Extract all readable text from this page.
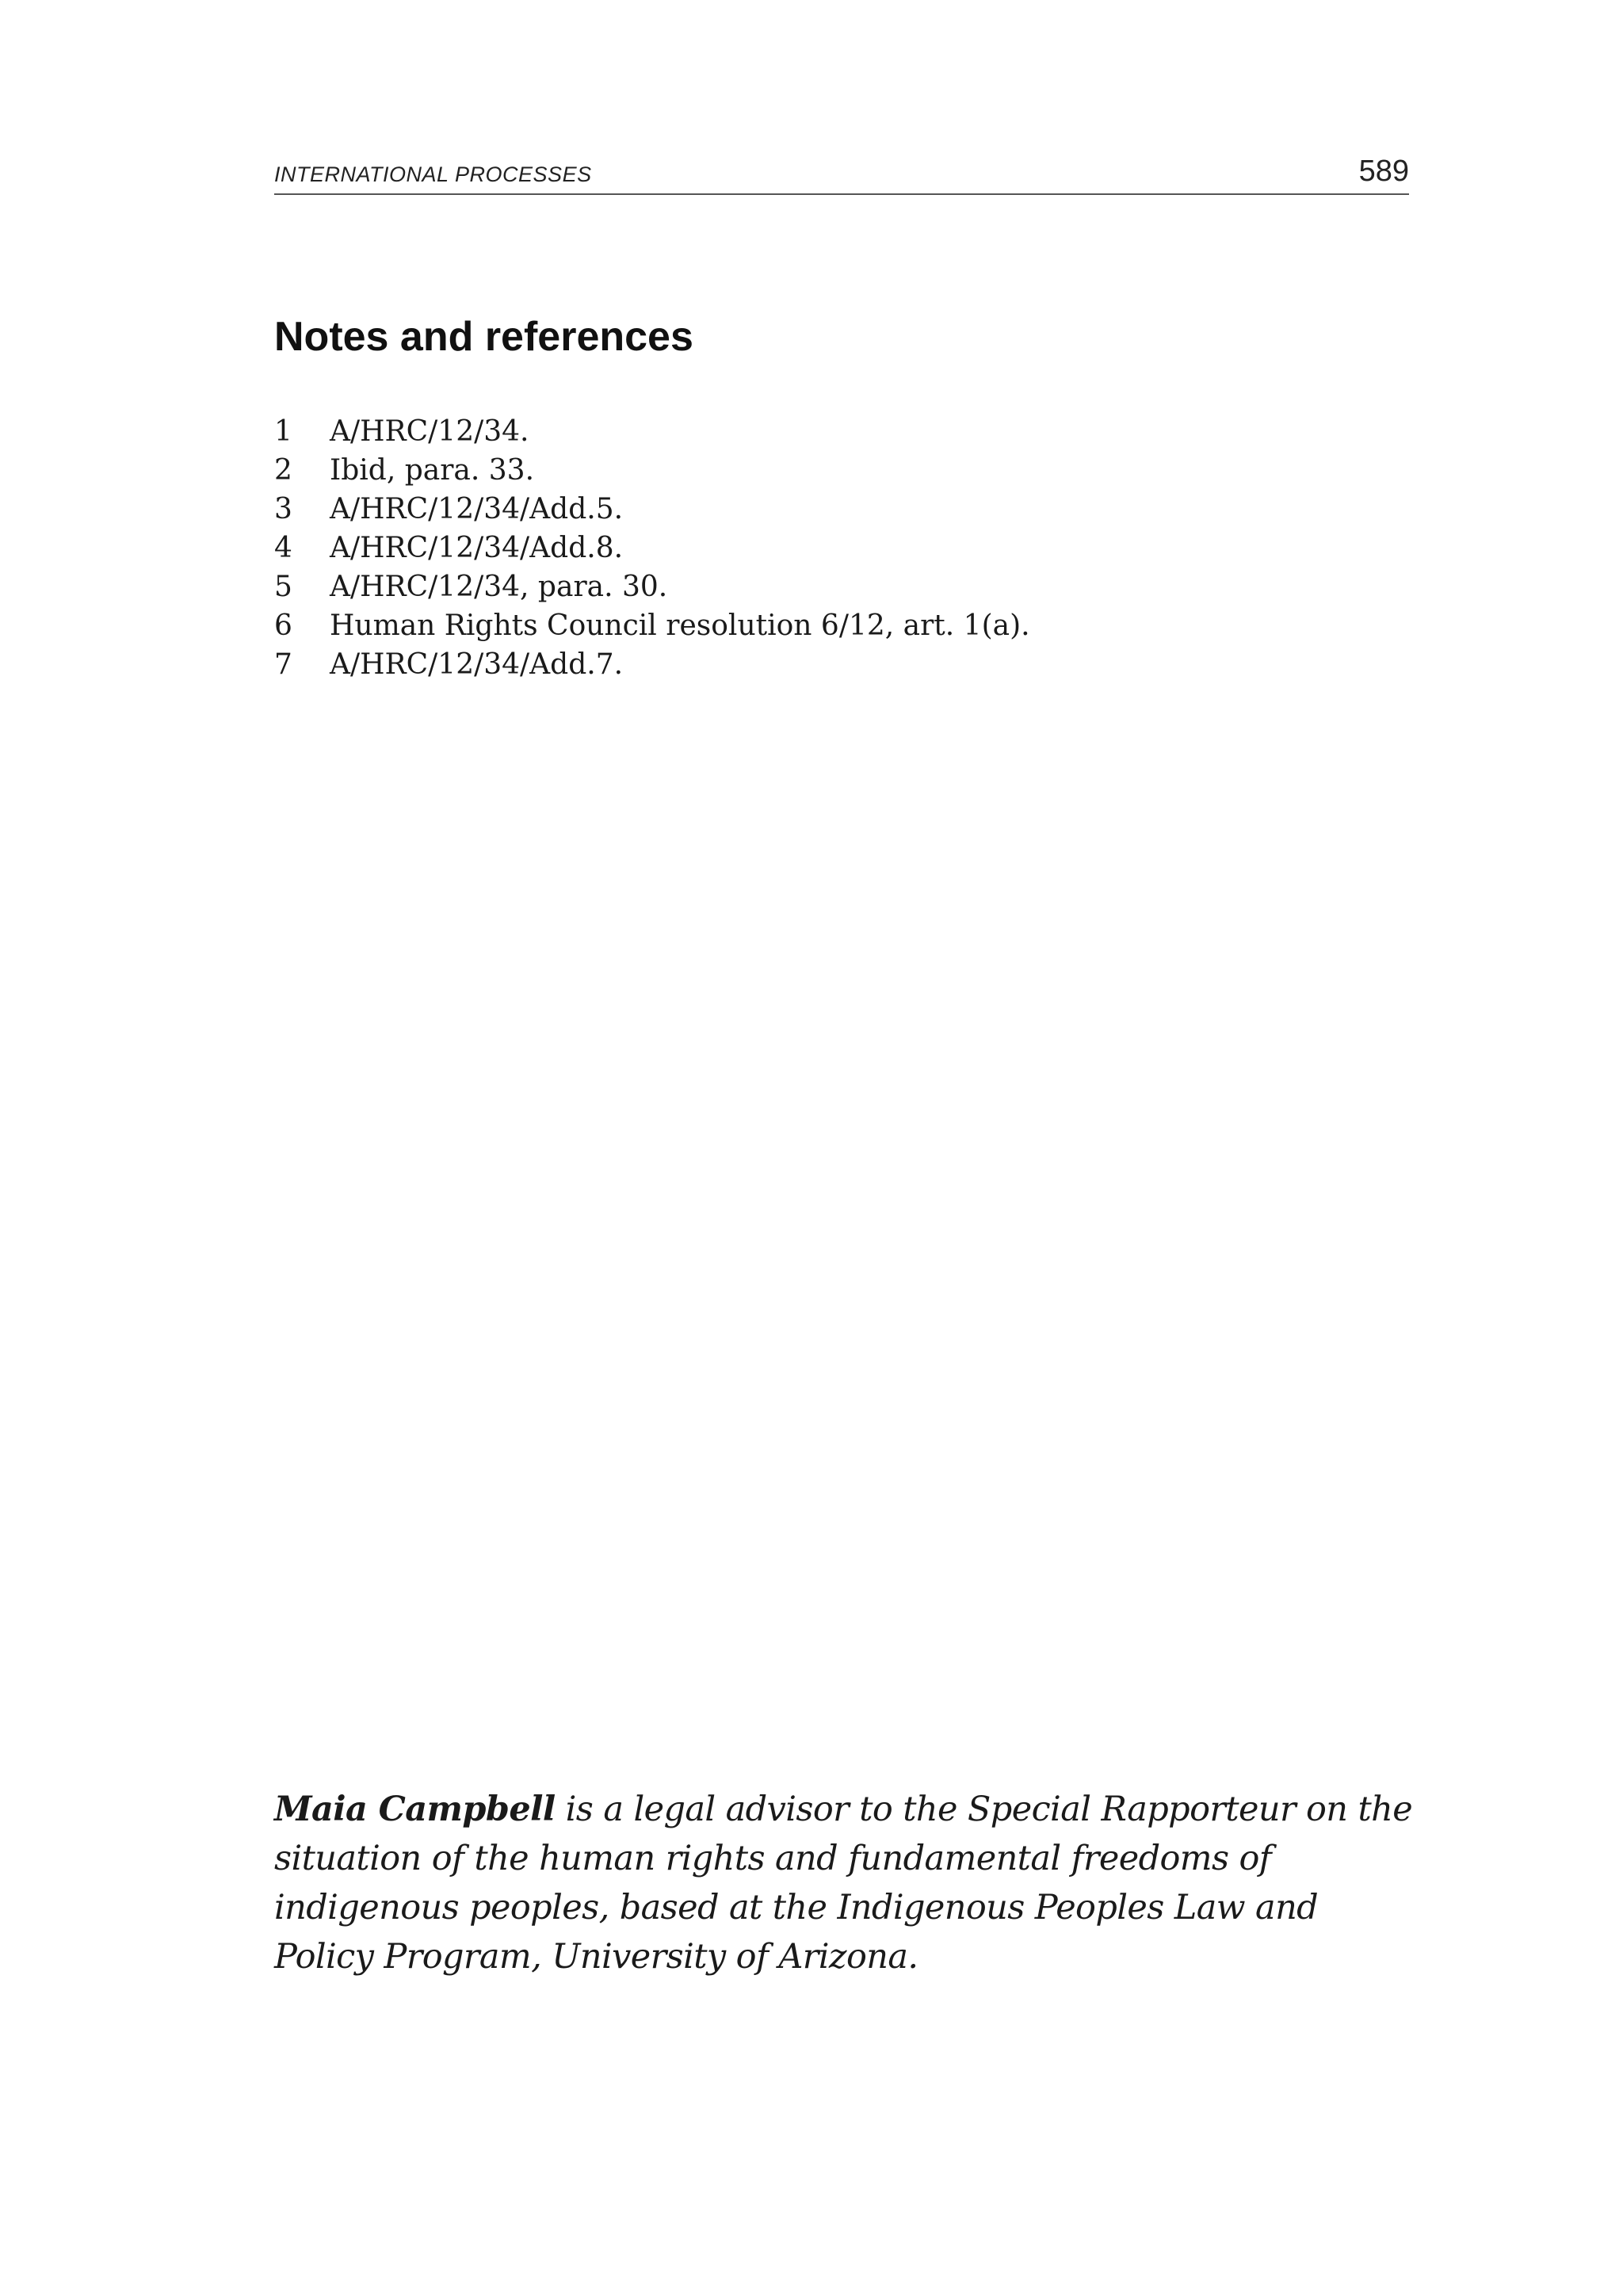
INTERNATIONAL PROCESSES	589
Notes and references
1	A/HRC/12/34.
2	Ibid, para. 33.
3	A/HRC/12/34/Add.5.
4	A/HRC/12/34/Add.8.
5	A/HRC/12/34, para. 30.
6	Human Rights Council resolution 6/12, art. 1(a).
7	A/HRC/12/34/Add.7.

Maia Campbell is a legal advisor to the Special Rapporteur on the situation of the human rights and fundamental freedoms of indigenous peoples, based at the Indigenous Peoples Law and Policy Program, University of Arizona.
